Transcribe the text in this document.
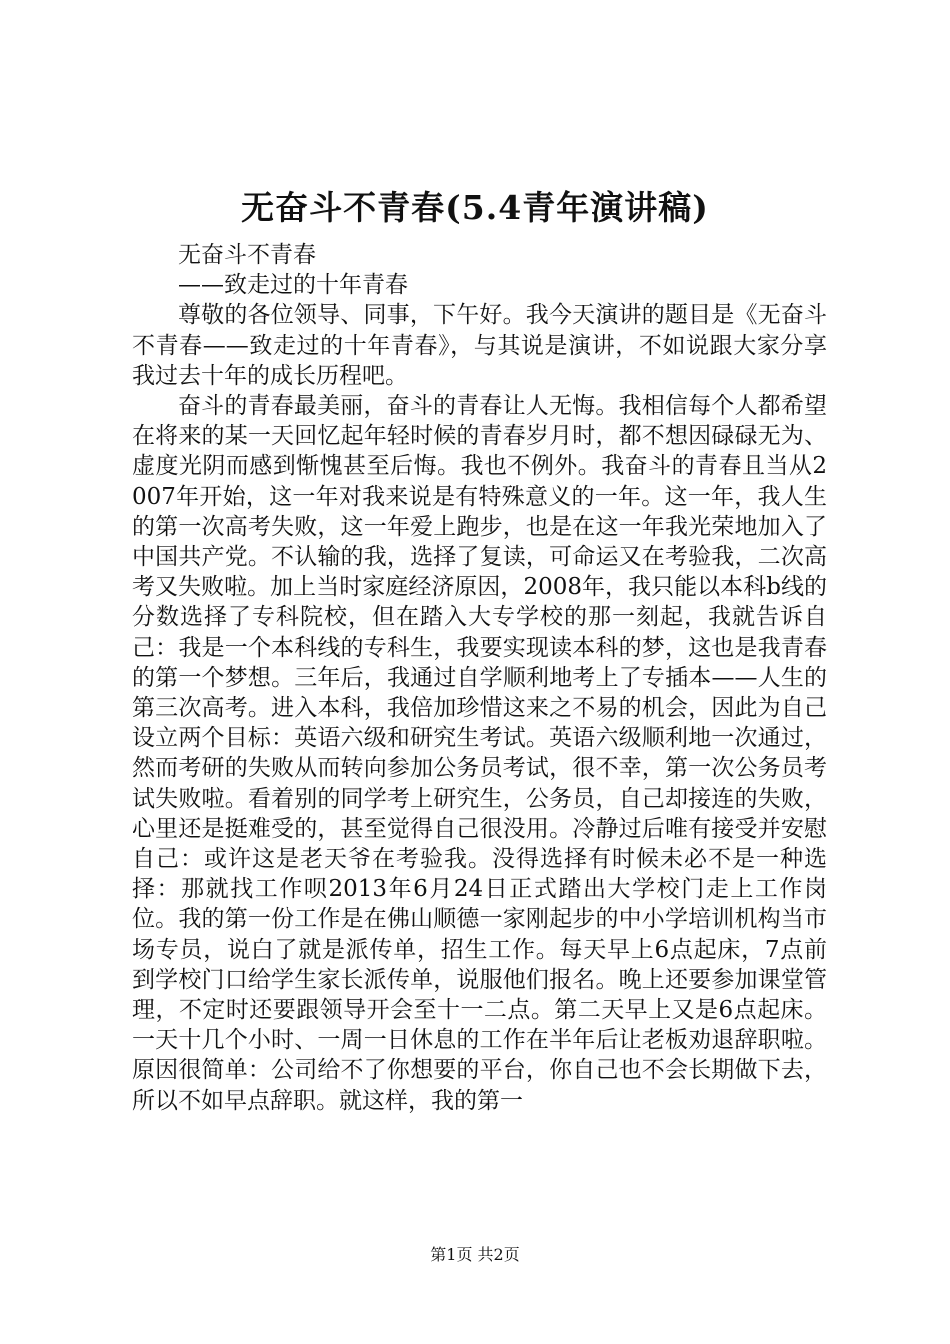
无奋斗不青春(5.4青年演讲稿)

无奋斗不青春

——致走过的十年青春

尊敬的各位领导、同事，下午好。我今天演讲的题目是《无奋斗不青春——致走过的十年青春》，与其说是演讲，不如说跟大家分享我过去十年的成长历程吧。

奋斗的青春最美丽，奋斗的青春让人无悔。我相信每个人都希望在将来的某一天回忆起年轻时候的青春岁月时，都不想因碌碌无为、虚度光阴而感到惭愧甚至后悔。我也不例外。我奋斗的青春且当从2007年开始，这一年对我来说是有特殊意义的一年。这一年，我人生的第一次高考失败，这一年爱上跑步，也是在这一年我光荣地加入了中国共产党。不认输的我，选择了复读，可命运又在考验我，二次高考又失败啦。加上当时家庭经济原因，2008年，我只能以本科b线的分数选择了专科院校，但在踏入大专学校的那一刻起，我就告诉自己：我是一个本科线的专科生，我要实现读本科的梦，这也是我青春的第一个梦想。三年后，我通过自学顺利地考上了专插本——人生的第三次高考。进入本科，我倍加珍惜这来之不易的机会，因此为自己设立两个目标：英语六级和研究生考试。英语六级顺利地一次通过，然而考研的失败从而转向参加公务员考试，很不幸，第一次公务员考试失败啦。看着别的同学考上研究生，公务员，自己却接连的失败，心里还是挺难受的，甚至觉得自己很没用。冷静过后唯有接受并安慰自己：或许这是老天爷在考验我。没得选择有时候未必不是一种选择：那就找工作呗2013年6月24日正式踏出大学校门走上工作岗位。我的第一份工作是在佛山顺德一家刚起步的中小学培训机构当市场专员，说白了就是派传单，招生工作。每天早上6点起床，7点前到学校门口给学生家长派传单，说服他们报名。晚上还要参加课堂管理，不定时还要跟领导开会至十一二点。第二天早上又是6点起床。一天十几个小时、一周一日休息的工作在半年后让老板劝退辞职啦。原因很简单：公司给不了你想要的平台，你自己也不会长期做下去，所以不如早点辞职。就这样，我的第一

第1页 共2页
